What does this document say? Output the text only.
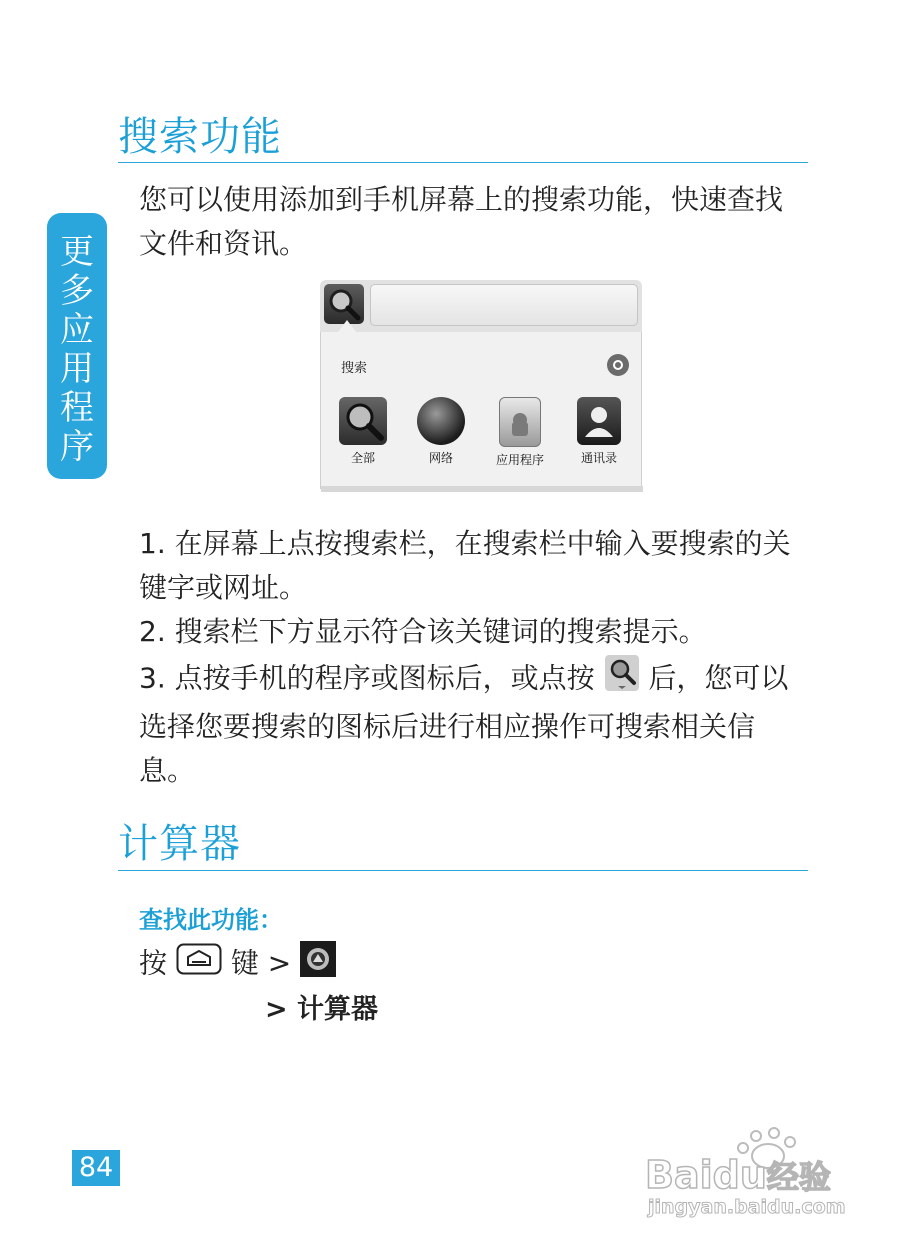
搜索功能
更
多
应
用
程
序
您可以使用添加到手机屏幕上的搜索功能，快速查找文件和资讯。
搜索
全部	网络	应用程序	通讯录
1. 在屏幕上点按搜索栏，在搜索栏中输入要搜索的关键字或网址。
2. 搜索栏下方显示符合该关键词的搜索提示。
3. 点按手机的程序或图标后，或点按  后，您可以选择您要搜索的图标后进行相应操作可搜索相关信息。
计算器
查找此功能：
按 键 >
> 计算器
84	Baidu经验
jingyan.baidu.com
